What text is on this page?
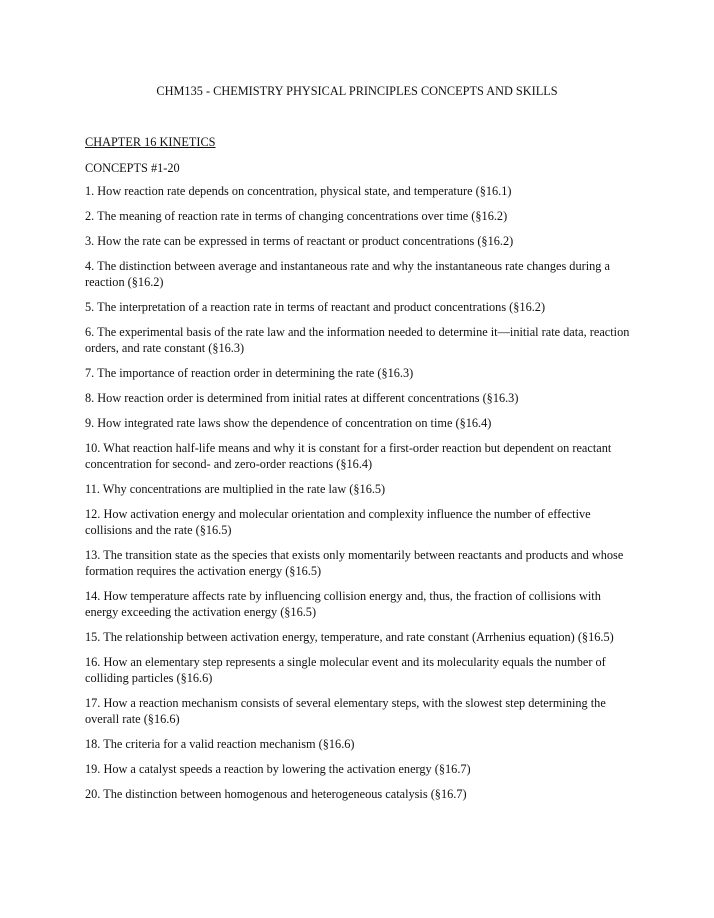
CHM135 - CHEMISTRY PHYSICAL PRINCIPLES CONCEPTS AND SKILLS
CHAPTER 16 KINETICS

CONCEPTS #1-20

1. How reaction rate depends on concentration, physical state, and temperature (§16.1)
2. The meaning of reaction rate in terms of changing concentrations over time (§16.2)
3. How the rate can be expressed in terms of reactant or product concentrations (§16.2)
4. The distinction between average and instantaneous rate and why the instantaneous rate changes during a reaction (§16.2)
5. The interpretation of a reaction rate in terms of reactant and product concentrations (§16.2)
6. The experimental basis of the rate law and the information needed to determine it—initial rate data, reaction orders, and rate constant (§16.3)
7. The importance of reaction order in determining the rate (§16.3)
8. How reaction order is determined from initial rates at different concentrations (§16.3)
9. How integrated rate laws show the dependence of concentration on time (§16.4)
10. What reaction half-life means and why it is constant for a first-order reaction but dependent on reactant concentration for second- and zero-order reactions (§16.4)
11. Why concentrations are multiplied in the rate law (§16.5)
12. How activation energy and molecular orientation and complexity influence the number of effective collisions and the rate (§16.5)
13. The transition state as the species that exists only momentarily between reactants and products and whose formation requires the activation energy (§16.5)
14. How temperature affects rate by influencing collision energy and, thus, the fraction of collisions with energy exceeding the activation energy (§16.5)
15. The relationship between activation energy, temperature, and rate constant (Arrhenius equation) (§16.5)
16. How an elementary step represents a single molecular event and its molecularity equals the number of colliding particles (§16.6)
17. How a reaction mechanism consists of several elementary steps, with the slowest step determining the overall rate (§16.6)
18. The criteria for a valid reaction mechanism (§16.6)
19. How a catalyst speeds a reaction by lowering the activation energy (§16.7)
20. The distinction between homogenous and heterogeneous catalysis (§16.7)
